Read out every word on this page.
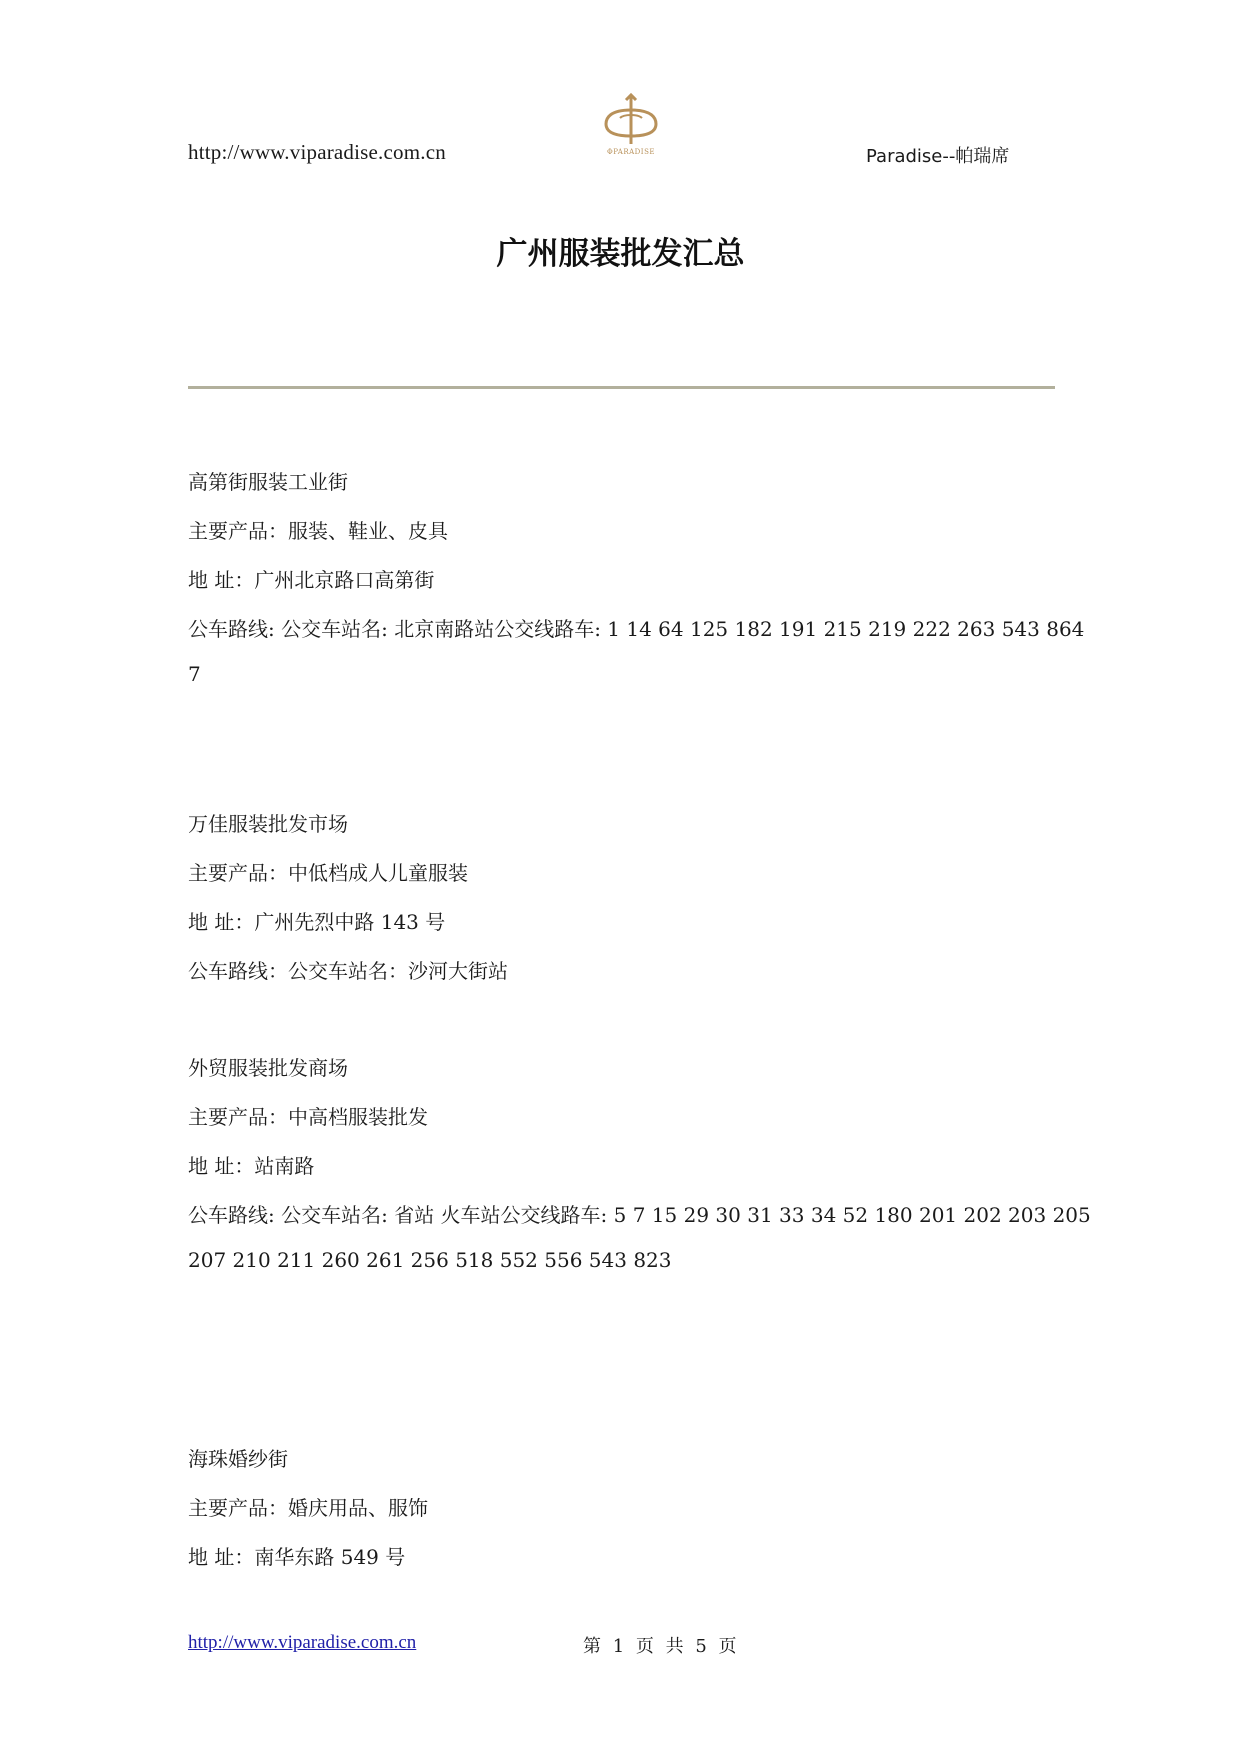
http://www.viparadise.com.cn	ΦPARADISE	Paradise--帕瑞席
广州服装批发汇总
高第街服装工业街
主要产品：服装、鞋业、皮具
地 址：广州北京路口高第街
公车路线: 公交车站名: 北京南路站公交线路车: 1 14 64 125 182 191 215 219 222 263 543 864
7
万佳服装批发市场
主要产品：中低档成人儿童服装
地 址：广州先烈中路 143 号
公车路线：公交车站名：沙河大街站
外贸服装批发商场
主要产品：中高档服装批发
地 址：站南路
公车路线: 公交车站名: 省站 火车站公交线路车: 5 7 15 29 30 31 33 34 52 180 201 202 203 205
207 210 211 260 261 256 518 552 556 543 823
海珠婚纱街
主要产品：婚庆用品、服饰
地 址：南华东路 549 号
http://www.viparadise.com.cn	第 1 页 共 5 页
